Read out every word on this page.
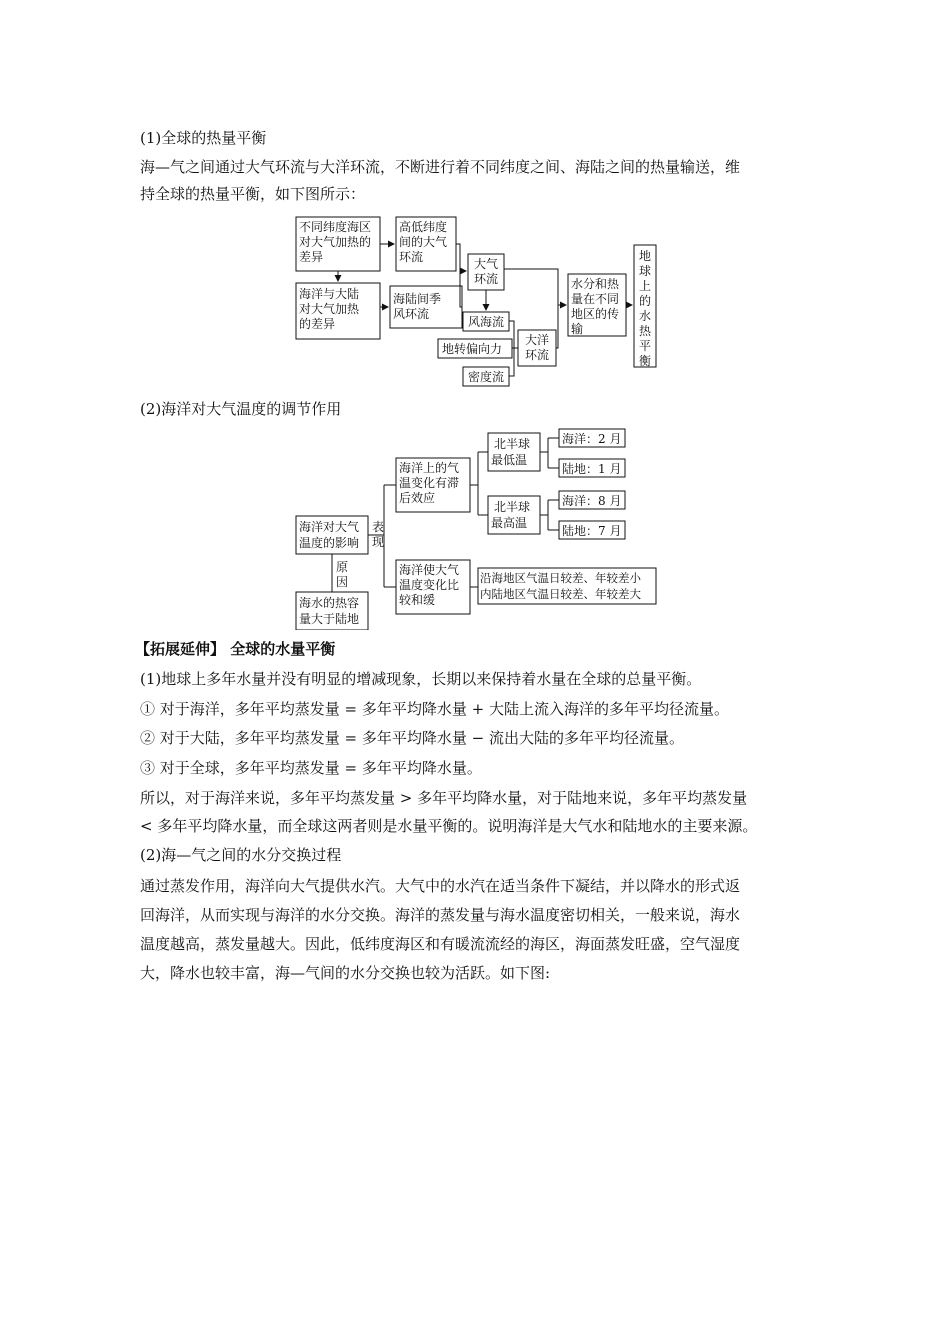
(1)全球的热量平衡
海—气之间通过大气环流与大洋环流，不断进行着不同纬度之间、海陆之间的热量输送，维
持全球的热量平衡，如下图所示：
不同纬度海区
对大气加热的
差异
海洋与大陆
对大气加热
的差异
高低纬度
间的大气
环流
海陆间季
风环流
大气
环流
风海流
地转偏向力
密度流
大洋
环流
水分和热
量在不同
地区的传
输
地
球
上
的
水
热
平
衡
(2)海洋对大气温度的调节作用
海洋对大气
温度的影响
表
现
原
因
海水的热容
量大于陆地
海洋上的气
温变化有滞
后效应
海洋使大气
温度变化比
较和缓
北半球
最低温
北半球
最高温
海洋：2 月
陆地：1 月
海洋：8 月
陆地：7 月
沿海地区气温日较差、年较差小
内陆地区气温日较差、年较差大
【拓展延伸】 全球的水量平衡
(1)地球上多年水量并没有明显的增减现象，长期以来保持着水量在全球的总量平衡。
① 对于海洋，多年平均蒸发量 = 多年平均降水量 + 大陆上流入海洋的多年平均径流量。
② 对于大陆，多年平均蒸发量 = 多年平均降水量 − 流出大陆的多年平均径流量。
③ 对于全球，多年平均蒸发量 = 多年平均降水量。
所以，对于海洋来说，多年平均蒸发量 > 多年平均降水量，对于陆地来说，多年平均蒸发量
< 多年平均降水量，而全球这两者则是水量平衡的。说明海洋是大气水和陆地水的主要来源。
(2)海—气之间的水分交换过程
通过蒸发作用，海洋向大气提供水汽。大气中的水汽在适当条件下凝结，并以降水的形式返
回海洋，从而实现与海洋的水分交换。海洋的蒸发量与海水温度密切相关，一般来说，海水
温度越高，蒸发量越大。因此，低纬度海区和有暖流流经的海区，海面蒸发旺盛，空气湿度
大，降水也较丰富，海—气间的水分交换也较为活跃。如下图:
